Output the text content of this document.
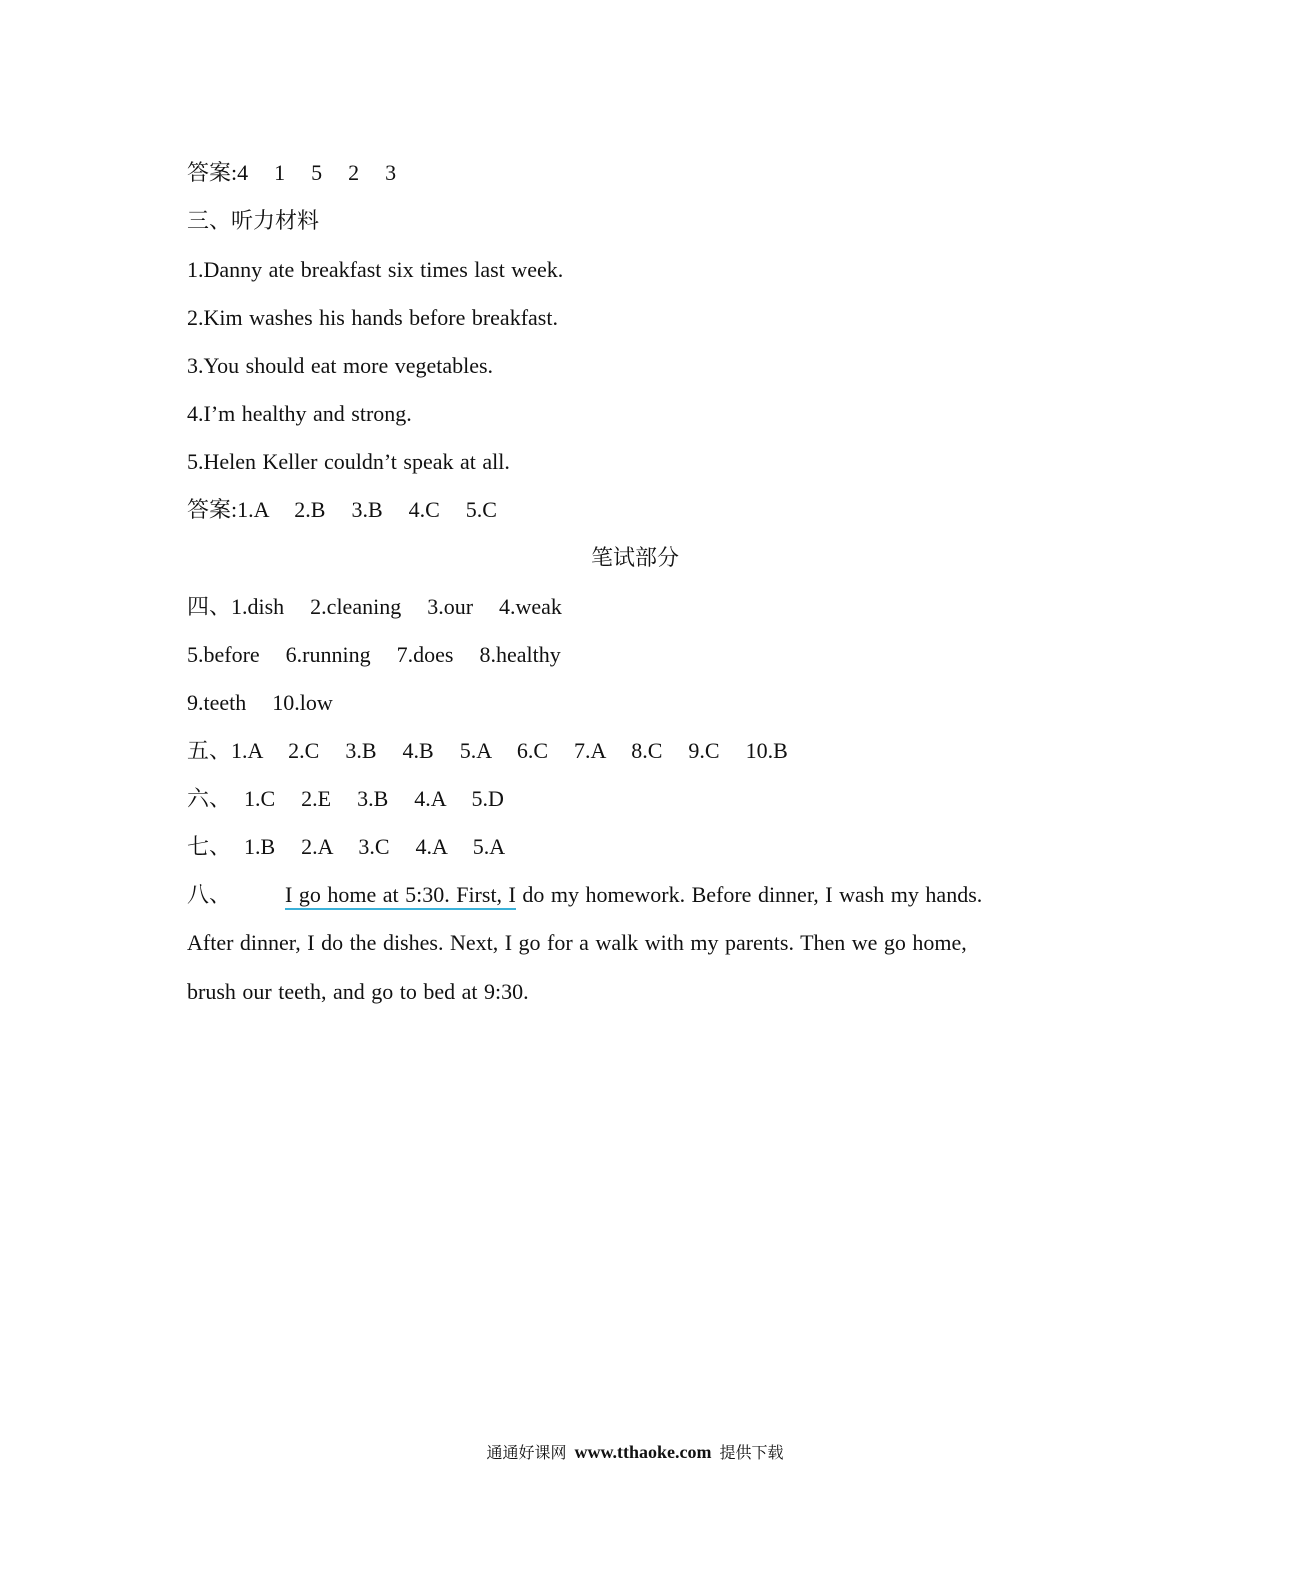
答案:4    1    5    2    3
三、听力材料
1.Danny ate breakfast six times last week.
2.Kim washes his hands before breakfast.
3.You should eat more vegetables.
4.I’m healthy and strong.
5.Helen Keller couldn’t speak at all.
答案:1.A    2.B    3.B    4.C    5.C
笔试部分
四、1.dish    2.cleaning    3.our    4.weak
5.before    6.running    7.does    8.healthy
9.teeth    10.low
五、1.A    2.C    3.B    4.B    5.A    6.C    7.A    8.C    9.C    10.B
六、  1.C    2.E    3.B    4.A    5.D
七、  1.B    2.A    3.C    4.A    5.A
八、 I go home at 5:30. First, I do my homework. Before dinner, I wash my hands.
After dinner, I do the dishes. Next, I go for a walk with my parents. Then we go home,
brush our teeth, and go to bed at 9:30.
通通好课网 www.tthaoke.com 提供下载
